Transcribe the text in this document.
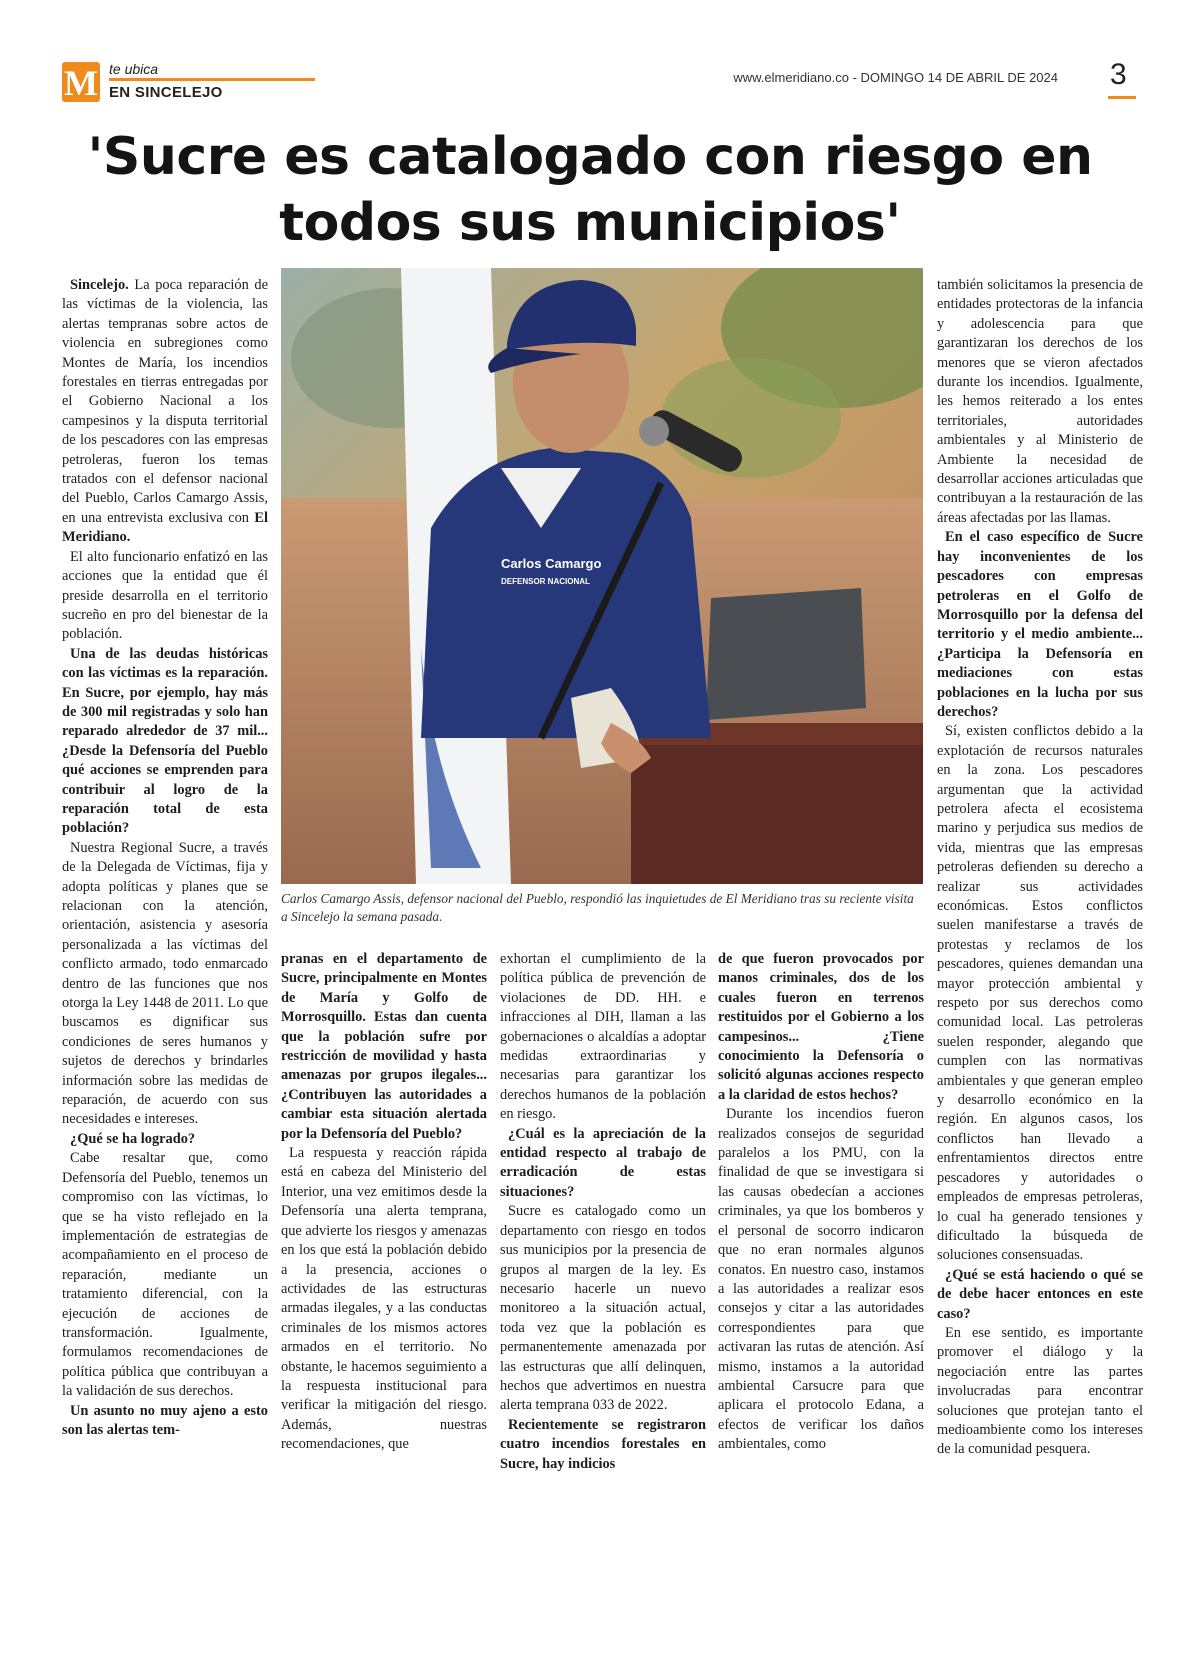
M te ubica
EN SINCELEJO
www.elmeridiano.co - DOMINGO 14 DE ABRIL DE 2024 3
'Sucre es catalogado con riesgo en todos sus municipios'
Carlos Camargo
DEFENSOR NACIONAL
Carlos Camargo Assis, defensor nacional del Pueblo, respondió las inquietudes de El Meridiano tras su reciente visita a Sincelejo la semana pasada.

Sincelejo. La poca reparación de las víctimas de la violencia, las alertas tempranas sobre actos de violencia en subregiones como Montes de María, los incendios forestales en tierras entregadas por el Gobierno Nacional a los campesinos y la disputa territorial de los pescadores con las empresas petroleras, fueron los temas tratados con el defensor nacional del Pueblo, Carlos Camargo Assis, en una entrevista exclusiva con El Meridiano.

El alto funcionario enfatizó en las acciones que la entidad que él preside desarrolla en el territorio sucreño en pro del bienestar de la población.

Una de las deudas históricas con las víctimas es la reparación. En Sucre, por ejemplo, hay más de 300 mil registradas y solo han reparado alrededor de 37 mil... ¿Desde la Defensoría del Pueblo qué acciones se emprenden para contribuir al logro de la reparación total de esta población?

Nuestra Regional Sucre, a través de la Delegada de Víctimas, fija y adopta políticas y planes que se relacionan con la atención, orientación, asistencia y asesoría personalizada a las víctimas del conflicto armado, todo enmarcado dentro de las funciones que nos otorga la Ley 1448 de 2011. Lo que buscamos es dignificar sus condiciones de seres humanos y sujetos de derechos y brindarles información sobre las medidas de reparación, de acuerdo con sus necesidades e intereses.

¿Qué se ha logrado?

Cabe resaltar que, como Defensoría del Pueblo, tenemos un compromiso con las víctimas, lo que se ha visto reflejado en la implementación de estrategias de acompañamiento en el proceso de reparación, mediante un tratamiento diferencial, con la ejecución de acciones de transformación. Igualmente, formulamos recomendaciones de política pública que contribuyan a la validación de sus derechos.

Un asunto no muy ajeno a esto son las alertas tem-

pranas en el departamento de Sucre, principalmente en Montes de María y Golfo de Morrosquillo. Estas dan cuenta que la población sufre por restricción de movilidad y hasta amenazas por grupos ilegales... ¿Contribuyen las autoridades a cambiar esta situación alertada por la Defensoría del Pueblo?

La respuesta y reacción rápida está en cabeza del Ministerio del Interior, una vez emitimos desde la Defensoría una alerta temprana, que advierte los riesgos y amenazas en los que está la población debido a la presencia, acciones o actividades de las estructuras armadas ilegales, y a las conductas criminales de los mismos actores armados en el territorio. No obstante, le hacemos seguimiento a la respuesta institucional para verificar la mitigación del riesgo. Además, nuestras recomendaciones, que

exhortan el cumplimiento de la política pública de prevención de violaciones de DD. HH. e infracciones al DIH, llaman a las gobernaciones o alcaldías a adoptar medidas extraordinarias y necesarias para garantizar los derechos humanos de la población en riesgo.

¿Cuál es la apreciación de la entidad respecto al trabajo de erradicación de estas situaciones?

Sucre es catalogado como un departamento con riesgo en todos sus municipios por la presencia de grupos al margen de la ley. Es necesario hacerle un nuevo monitoreo a la situación actual, toda vez que la población es permanentemente amenazada por las estructuras que allí delinquen, hechos que advertimos en nuestra alerta temprana 033 de 2022.

Recientemente se registraron cuatro incendios forestales en Sucre, hay indicios

de que fueron provocados por manos criminales, dos de los cuales fueron en terrenos restituidos por el Gobierno a los campesinos... ¿Tiene conocimiento la Defensoría o solicitó algunas acciones respecto a la claridad de estos hechos?

Durante los incendios fueron realizados consejos de seguridad paralelos a los PMU, con la finalidad de que se investigara si las causas obedecían a acciones criminales, ya que los bomberos y el personal de socorro indicaron que no eran normales algunos conatos. En nuestro caso, instamos a las autoridades a realizar esos consejos y citar a las autoridades correspondientes para que activaran las rutas de atención. Así mismo, instamos a la autoridad ambiental Carsucre para que aplicara el protocolo Edana, a efectos de verificar los daños ambientales, como

también solicitamos la presencia de entidades protectoras de la infancia y adolescencia para que garantizaran los derechos de los menores que se vieron afectados durante los incendios. Igualmente, les hemos reiterado a los entes territoriales, autoridades ambientales y al Ministerio de Ambiente la necesidad de desarrollar acciones articuladas que contribuyan a la restauración de las áreas afectadas por las llamas.

En el caso específico de Sucre hay inconvenientes de los pescadores con empresas petroleras en el Golfo de Morrosquillo por la defensa del territorio y el medio ambiente... ¿Participa la Defensoría en mediaciones con estas poblaciones en la lucha por sus derechos?

Sí, existen conflictos debido a la explotación de recursos naturales en la zona. Los pescadores argumentan que la actividad petrolera afecta el ecosistema marino y perjudica sus medios de vida, mientras que las empresas petroleras defienden su derecho a realizar sus actividades económicas. Estos conflictos suelen manifestarse a través de protestas y reclamos de los pescadores, quienes demandan una mayor protección ambiental y respeto por sus derechos como comunidad local. Las petroleras suelen responder, alegando que cumplen con las normativas ambientales y que generan empleo y desarrollo económico en la región. En algunos casos, los conflictos han llevado a enfrentamientos directos entre pescadores y autoridades o empleados de empresas petroleras, lo cual ha generado tensiones y dificultado la búsqueda de soluciones consensuadas.

¿Qué se está haciendo o qué se de debe hacer entonces en este caso?

En ese sentido, es importante promover el diálogo y la negociación entre las partes involucradas para encontrar soluciones que protejan tanto el medioambiente como los intereses de la comunidad pesquera.
